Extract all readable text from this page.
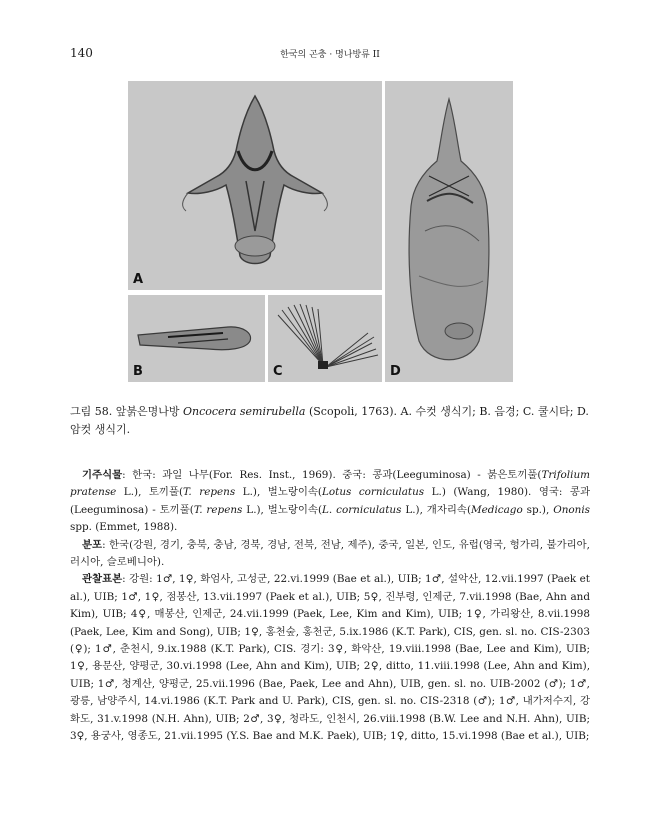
140	한국의 곤충 · 명나방류 II
A
D
B	C
그림 58. 앞붉은명나방 Oncocera semirubella (Scopoli, 1763). A. 수컷 생식기; B. 음경; C. 쿨시타; D. 암컷 생식기.

기주식물: 한국: 과일 나무(For. Res. Inst., 1969). 중국: 콩과(Leeguminosa) - 붉은토끼풀(Trifolium pratense L.), 토끼풀(T. repens L.), 벌노랑이속(Lotus corniculatus L.) (Wang, 1980). 영국: 콩과(Leeguminosa) - 토끼풀(T. repens L.), 벌노랑이속(L. corniculatus L.), 개자리속(Medicago sp.), Ononis spp. (Emmet, 1988).

분포: 한국(강원, 경기, 충북, 충남, 경북, 경남, 전북, 전남, 제주), 중국, 일본, 인도, 유럽(영국, 헝가리, 불가리아, 러시아, 슬로베니아).

관찰표본: 강원: 1♂, 1♀, 화엄사, 고성군, 22.vi.1999 (Bae et al.), UIB; 1♂, 설악산, 12.vii.1997 (Paek et al.), UIB; 1♂, 1♀, 점봉산, 13.vii.1997 (Paek et al.), UIB; 5♀, 진부령, 인제군, 7.vii.1998 (Bae, Ahn and Kim), UIB; 4♀, 매봉산, 인제군, 24.vii.1999 (Paek, Lee, Kim and Kim), UIB; 1♀, 가리왕산, 8.vii.1998 (Paek, Lee, Kim and Song), UIB; 1♀, 홍천숲, 홍천군, 5.ix.1986 (K.T. Park), CIS, gen. sl. no. CIS-2303 (♀); 1♂, 춘천시, 9.ix.1988 (K.T. Park), CIS. 경기: 3♀, 화악산, 19.viii.1998 (Bae, Lee and Kim), UIB; 1♀, 용문산, 양평군, 30.vi.1998 (Lee, Ahn and Kim), UIB; 2♀, ditto, 11.viii.1998 (Lee, Ahn and Kim), UIB; 1♂, 청계산, 양평군, 25.vii.1996 (Bae, Paek, Lee and Ahn), UIB, gen. sl. no. UIB-2002 (♂); 1♂, 광릉, 남양주시, 14.vi.1986 (K.T. Park and U. Park), CIS, gen. sl. no. CIS-2318 (♂); 1♂, 내가저수지, 강화도, 31.v.1998 (N.H. Ahn), UIB; 2♂, 3♀, 청라도, 인천시, 26.viii.1998 (B.W. Lee and N.H. Ahn), UIB; 3♀, 용궁사, 영종도, 21.vii.1995 (Y.S. Bae and M.K. Paek), UIB; 1♀, ditto, 15.vi.1998 (Bae et al.), UIB;
